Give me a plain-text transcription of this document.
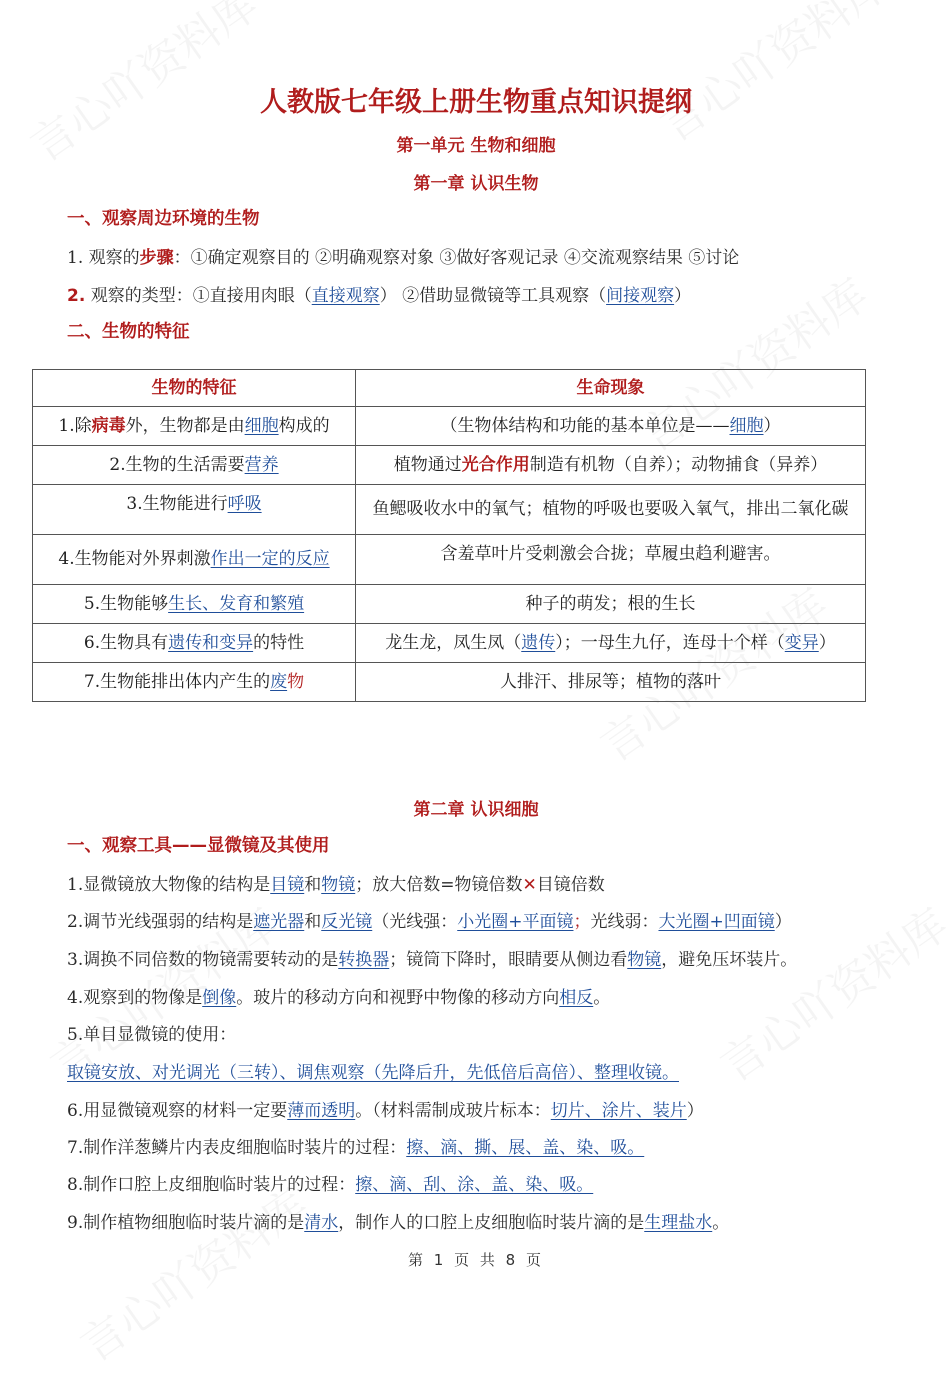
人教版七年级上册生物重点知识提纲
第一单元 生物和细胞
第一章 认识生物
一、观察周边环境的生物
1. 观察的步骤：①确定观察目的 ②明确观察对象 ③做好客观记录 ④交流观察结果 ⑤讨论
2. 观察的类型：①直接用肉眼（直接观察） ②借助显微镜等工具观察（间接观察）
二、生物的特征
生物的特征	生命现象
1.除病毒外，生物都是由细胞构成的	（生物体结构和功能的基本单位是——细胞）
2.生物的生活需要营养	植物通过光合作用制造有机物（自养）；动物捕食（异养）
3.生物能进行呼吸	鱼鳃吸收水中的氧气；植物的呼吸也要吸入氧气，排出二氧化碳
4.生物能对外界刺激作出一定的反应	含羞草叶片受刺激会合拢；草履虫趋利避害。
5.生物能够生长、发育和繁殖	种子的萌发；根的生长
6.生物具有遗传和变异的特性	龙生龙，凤生凤（遗传）；一母生九仔，连母十个样（变异）
7.生物能排出体内产生的废物	人排汗、排尿等；植物的落叶
第二章 认识细胞
一、观察工具——显微镜及其使用
1.显微镜放大物像的结构是目镜和物镜；放大倍数=物镜倍数✕目镜倍数
2.调节光线强弱的结构是遮光器和反光镜（光线强：小光圈+平面镜；光线弱：大光圈+凹面镜）
3.调换不同倍数的物镜需要转动的是转换器；镜筒下降时，眼睛要从侧边看物镜，避免压坏装片。
4.观察到的物像是倒像。玻片的移动方向和视野中物像的移动方向相反。
5.单目显微镜的使用：
取镜安放、对光调光（三转）、调焦观察（先降后升，先低倍后高倍）、整理收镜。
6.用显微镜观察的材料一定要薄而透明。（材料需制成玻片标本：切片、涂片、装片）
7.制作洋葱鳞片内表皮细胞临时装片的过程：擦、滴、撕、展、盖、染、吸。
8.制作口腔上皮细胞临时装片的过程：擦、滴、刮、涂、盖、染、吸。
9.制作植物细胞临时装片滴的是清水，制作人的口腔上皮细胞临时装片滴的是生理盐水。
第 1 页 共 8 页
